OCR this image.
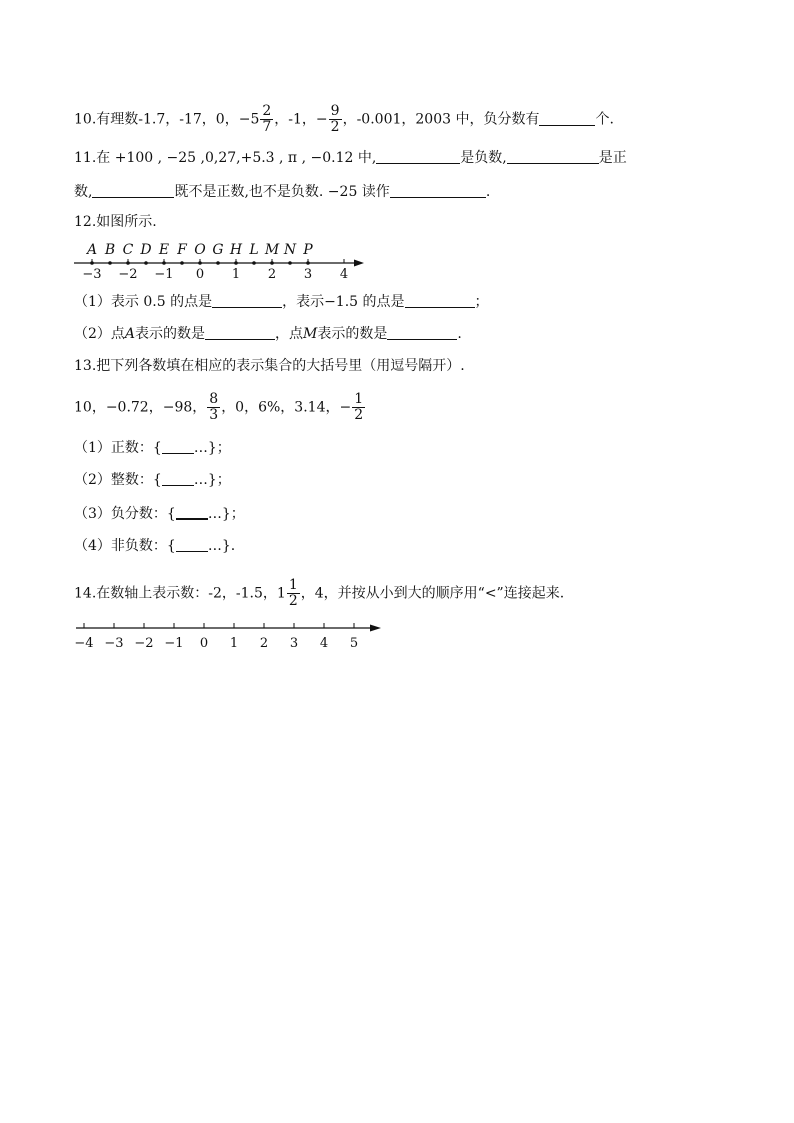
10.有理数-1.7，-17，0，$-5 \frac{2}{7}$ ，-1，− $\frac{9}{2}$ ，-0.001，2003 中，负分数有	个.
11.在 +100 , −25 ,0,27,+5.3 , π , −0.12 中,	是负数,	是正
数,	既不是正数,也不是负数. −25 读作	.
12.如图所示.
A B C D E F O G H L M N P
−3 −2 −1 0 1 2 3 4
（1）表示 0.5 的点是	，表示−1.5 的点是	；
（2）点A表示的数是	，点M表示的数是	.
13.把下列各数填在相应的表示集合的大括号里（用逗号隔开）.
10，−0.72，−98， $\frac{8}{3}$ ，0，6%，3.14，− $\frac{1}{2}$
（1）正数：{ …}；
（2）整数：{ …}；
（3）负分数：{ …}；
（4）非负数：{ …}.
14.在数轴上表示数：-2，-1.5，$1 \frac{1}{2}$ ，4，并按从小到大的顺序用“<”连接起来.
−4 −3 −2 −1 0 1 2 3 4 5
